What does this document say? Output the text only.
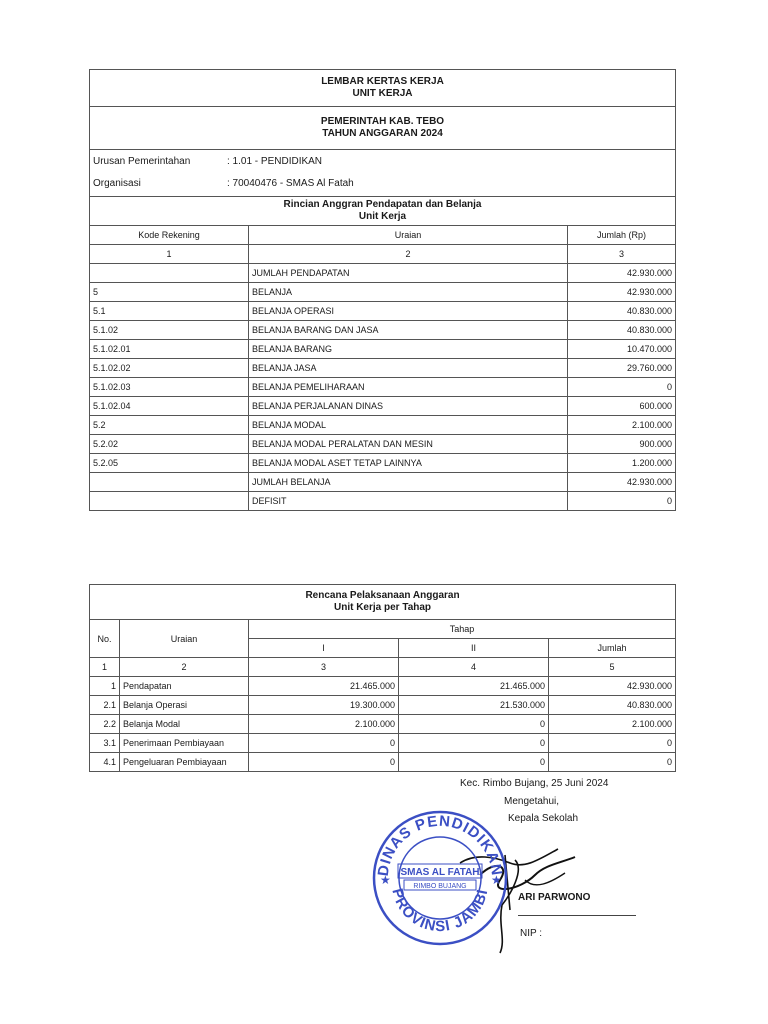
LEMBAR KERTAS KERJA
UNIT KERJA		

PEMERINTAH KAB. TEBO
TAHUN ANGGARAN 2024		

Urusan Pemerintahan : 1.01 - PENDIDIKAN
Organisasi : 70040476 - SMAS Al Fatah		

Rincian Anggran Pendapatan dan Belanja
Unit Kerja		

Kode Rekening	Uraian	Jumlah (Rp)
1	2	3
	JUMLAH PENDAPATAN	42.930.000
5	BELANJA	42.930.000
5.1	BELANJA OPERASI	40.830.000
5.1.02	BELANJA BARANG DAN JASA	40.830.000
5.1.02.01	BELANJA BARANG	10.470.000
5.1.02.02	BELANJA JASA	29.760.000
5.1.02.03	BELANJA PEMELIHARAAN	0
5.1.02.04	BELANJA PERJALANAN DINAS	600.000
5.2	BELANJA MODAL	2.100.000
5.2.02	BELANJA MODAL PERALATAN DAN MESIN	900.000
5.2.05	BELANJA MODAL ASET TETAP LAINNYA	1.200.000
	JUMLAH BELANJA	42.930.000
	DEFISIT	0
Rencana Pelaksanaan Anggaran
Unit Kerja per Tahap				

No.	Uraian	Tahap		
		I	II	Jumlah
1	2	3	4	5
1	Pendapatan	21.465.000	21.465.000	42.930.000
2.1	Belanja Operasi	19.300.000	21.530.000	40.830.000
2.2	Belanja Modal	2.100.000	0	2.100.000
3.1	Penerimaan Pembiayaan	0	0	0
4.1	Pengeluaran Pembiayaan	0	0	0
Kec. Rimbo Bujang, 25 Juni 2024
Mengetahui,
Kepala Sekolah
ARI PARWONO
NIP :
DINAS PENDIDIKAN
PROVINSI JAMBI
★	★
SMAS AL FATAH
RIMBO BUJANG
